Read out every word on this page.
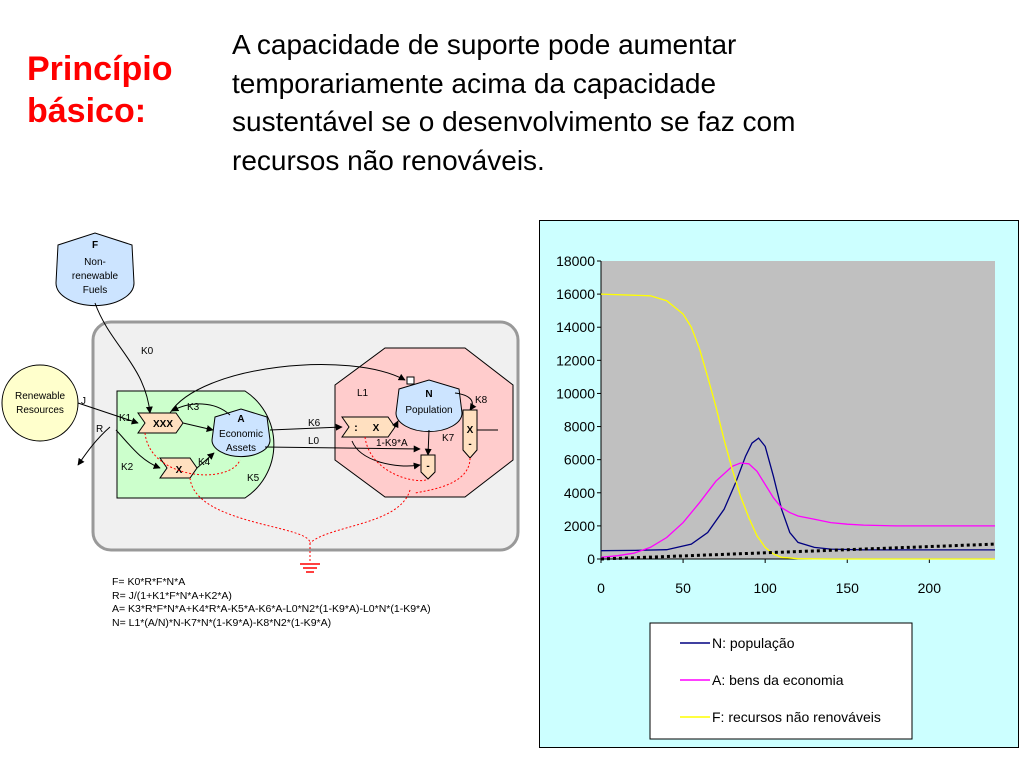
Princípio
básico:
A capacidade de suporte pode aumentar
temporariamente acima da capacidade
sustentável se o desenvolvimento se faz com
recursos não renováveis.
F
Non-
renewable
Fuels
Renewable
Resources
A
Economic
Assets
N
Population
XXX
X
: X	X
-
-
K0
K1
K2
K3
K4
K5
K6
K7
K8
L0
L1
J
R
1-K9*A
F= K0*R*F*N*A
R= J/(1+K1*F*N*A+K2*A)
A= K3*R*F*N*A+K4*R*A-K5*A-K6*A-L0*N2*(1-K9*A)-L0*N*(1-K9*A)
N= L1*(A/N)*N-K7*N*(1-K9*A)-K8*N2*(1-K9*A)
0
2000
4000
6000
8000
10000
12000
14000
16000
18000
0	50	100	150	200
N: população
A: bens da economia
F: recursos não renováveis
